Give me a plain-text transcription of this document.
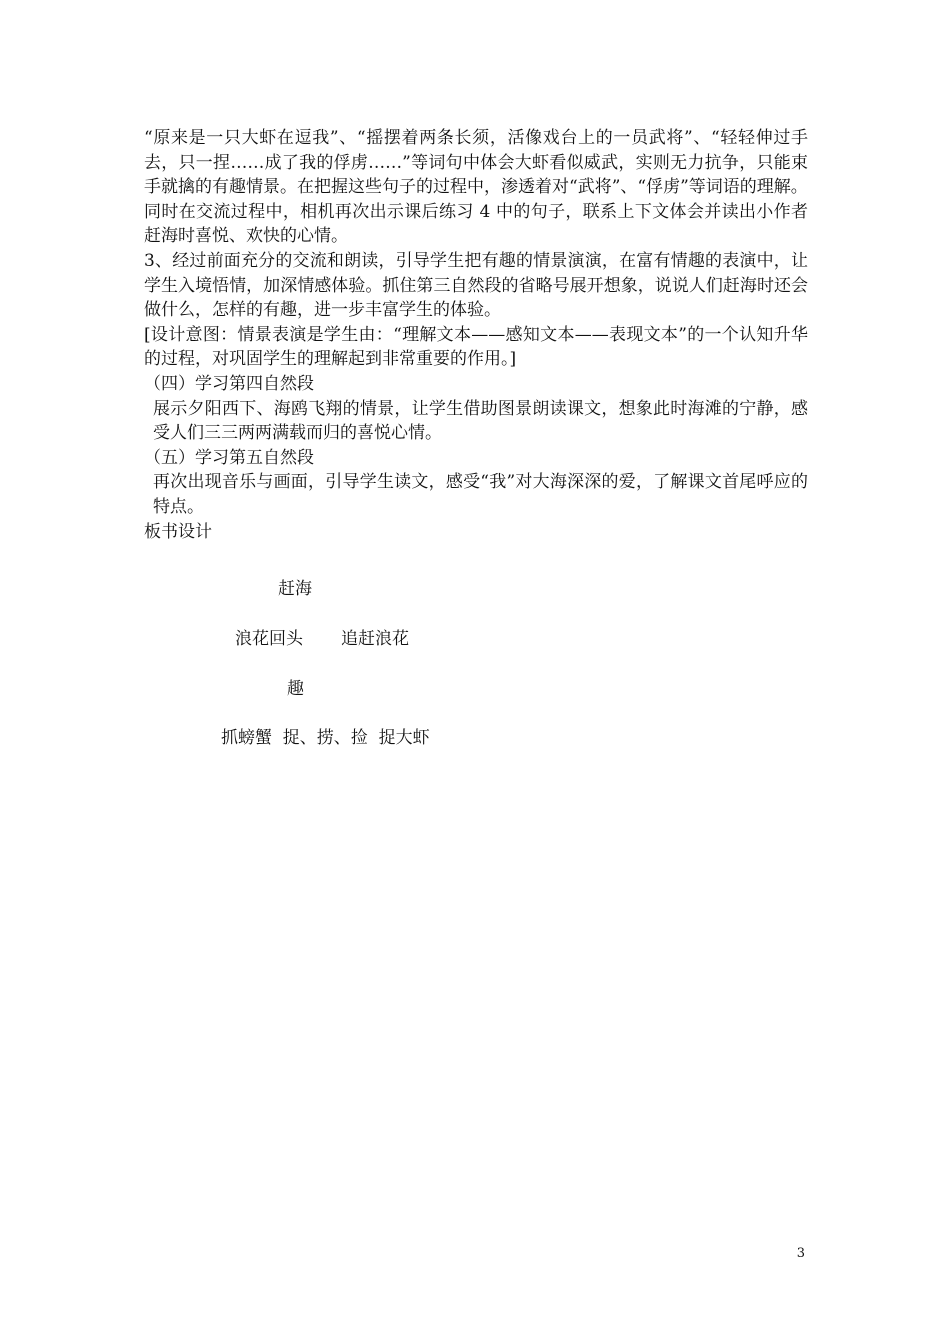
“原来是一只大虾在逗我”、“摇摆着两条长须，活像戏台上的一员武将”、“轻轻伸过手去，只一捏……成了我的俘虏……”等词句中体会大虾看似威武，实则无力抗争，只能束手就擒的有趣情景。在把握这些句子的过程中，渗透着对“武将”、“俘虏”等词语的理解。

同时在交流过程中，相机再次出示课后练习 4 中的句子，联系上下文体会并读出小作者赶海时喜悦、欢快的心情。

3、经过前面充分的交流和朗读，引导学生把有趣的情景演演，在富有情趣的表演中，让学生入境悟情，加深情感体验。抓住第三自然段的省略号展开想象，说说人们赶海时还会做什么，怎样的有趣，进一步丰富学生的体验。

[设计意图：情景表演是学生由：“理解文本——感知文本——表现文本”的一个认知升华的过程，对巩固学生的理解起到非常重要的作用。]

（四）学习第四自然段

展示夕阳西下、海鸥飞翔的情景，让学生借助图景朗读课文，想象此时海滩的宁静，感受人们三三两两满载而归的喜悦心情。

（五）学习第五自然段

再次出现音乐与画面，引导学生读文，感受“我”对大海深深的爱，了解课文首尾呼应的特点。

板书设计

赶海
浪花回头 追赶浪花
趣
抓螃蟹  捉、捞、捡  捉大虾
3
